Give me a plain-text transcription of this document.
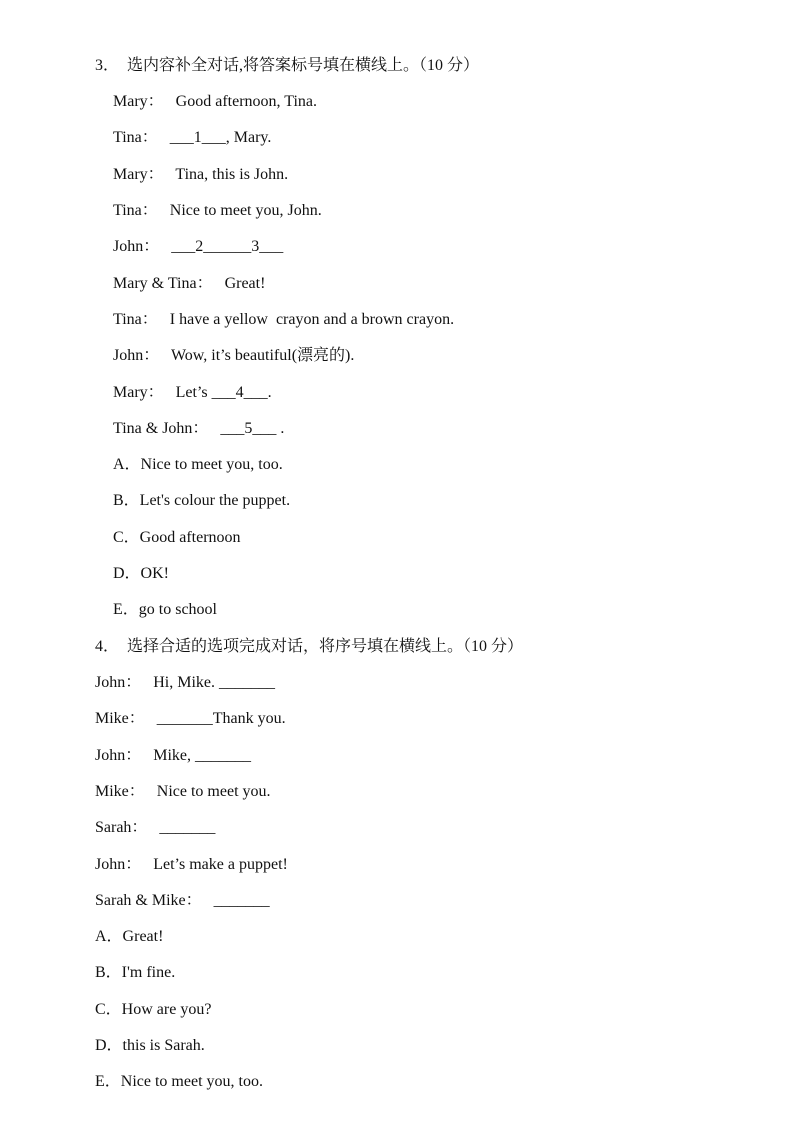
3．  选内容补全对话,将答案标号填在横线上。（10 分）
Mary：   Good afternoon, Tina.
Tina：   ___1___, Mary.
Mary：   Tina, this is John.
Tina：   Nice to meet you, John.
John：   ___2______3___
Mary & Tina：   Great!
Tina：   I have a yellow  crayon and a brown crayon.
John：   Wow, it’s beautiful(漂亮的).
Mary：   Let’s ___4___.
Tina & John：   ___5___ .
A．Nice to meet you, too.
B．Let's colour the puppet.
C．Good afternoon
D．OK!
E．go to school
4．  选择合适的选项完成对话，将序号填在横线上。（10 分）
John：   Hi, Mike. _______
Mike：   _______Thank you.
John：   Mike, _______
Mike：   Nice to meet you.
Sarah：   _______
John：   Let’s make a puppet!
Sarah & Mike：   _______
A．Great!
B．I'm fine.
C．How are you?
D．this is Sarah.
E．Nice to meet you, too.
